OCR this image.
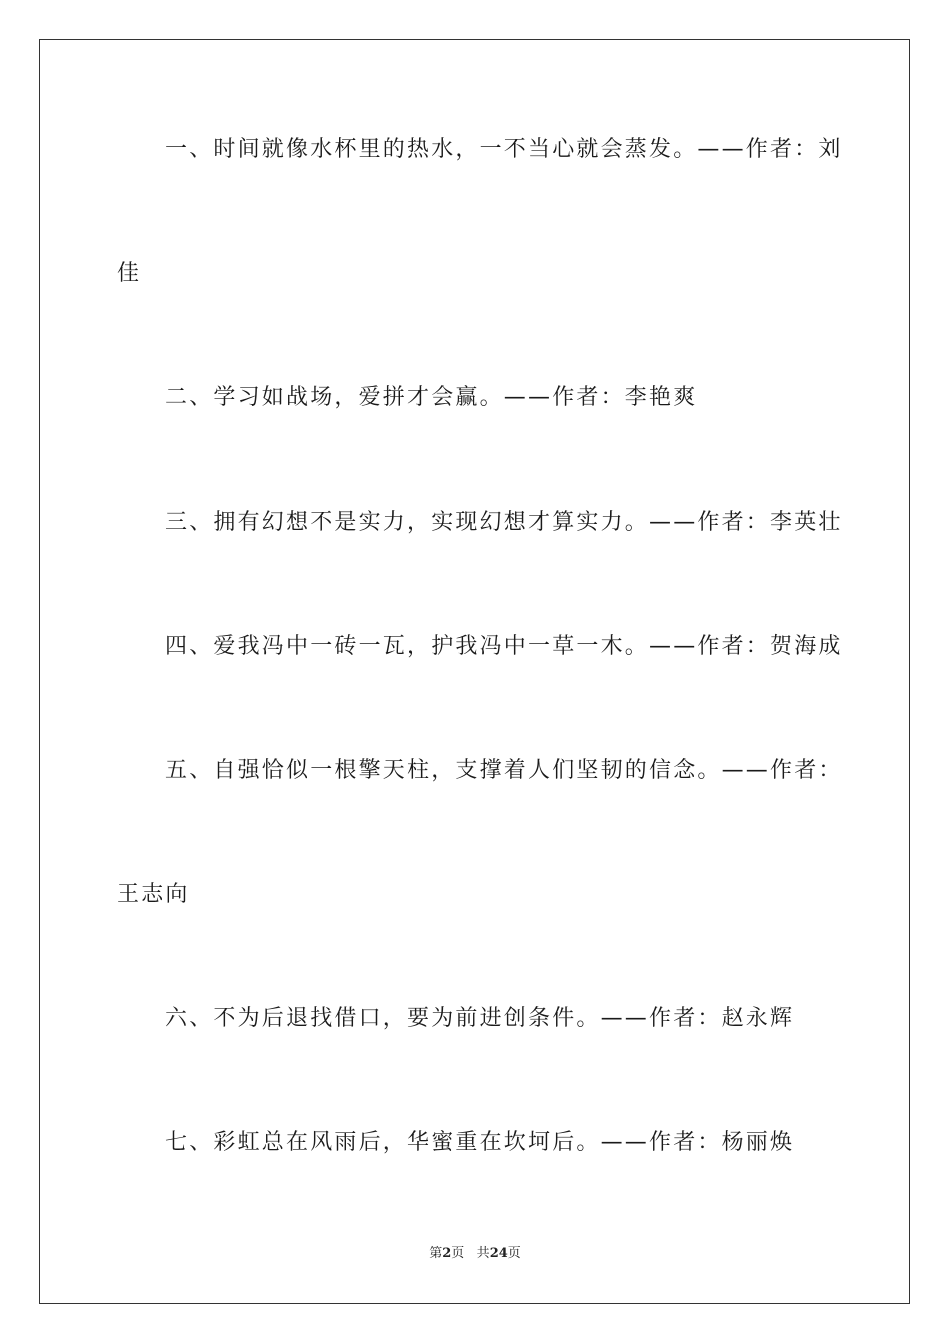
一、时间就像水杯里的热水，一不当心就会蒸发。——作者：刘
佳
二、学习如战场，爱拼才会赢。——作者：李艳爽
三、拥有幻想不是实力，实现幻想才算实力。——作者：李英壮
四、爱我冯中一砖一瓦，护我冯中一草一木。——作者：贺海成
五、自强恰似一根擎天柱，支撑着人们坚韧的信念。——作者：
王志向
六、不为后退找借口，要为前进创条件。——作者：赵永辉
七、彩虹总在风雨后，华蜜重在坎坷后。——作者：杨丽焕
第2页 共24页
